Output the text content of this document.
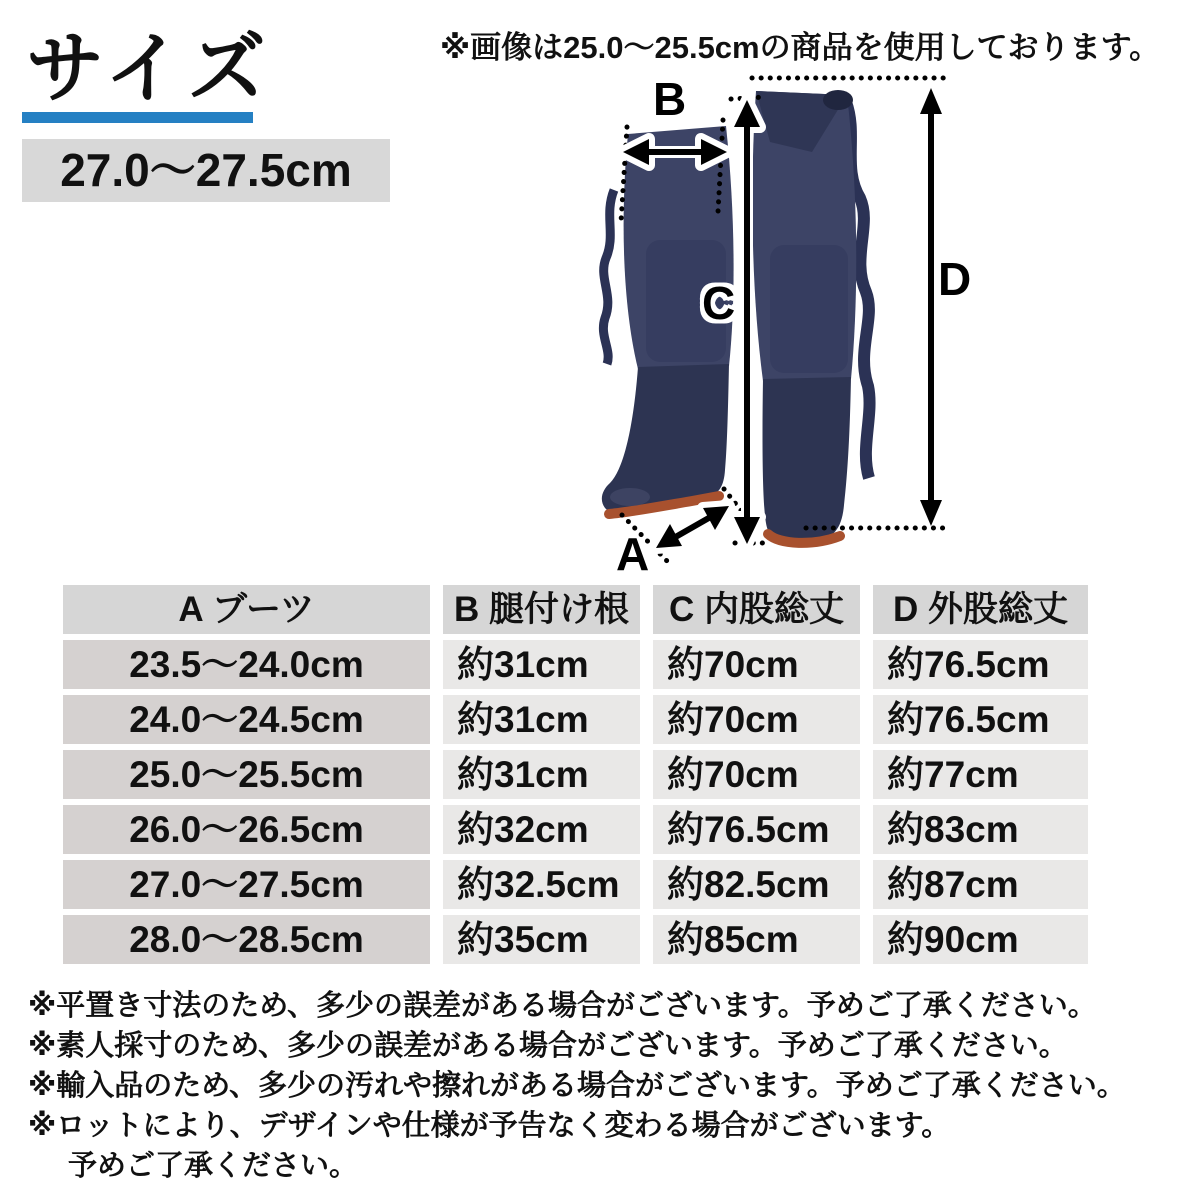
サイズ
27.0〜27.5cm
※画像は25.0〜25.5cmの商品を使用しております。
B
C	D
A
A ブーツ	B 腿付け根	C 内股総丈	D 外股総丈
23.5〜24.0cm	約31cm	約70cm	約76.5cm
24.0〜24.5cm	約31cm	約70cm	約76.5cm
25.0〜25.5cm	約31cm	約70cm	約77cm
26.0〜26.5cm	約32cm	約76.5cm	約83cm
27.0〜27.5cm	約32.5cm	約82.5cm	約87cm
28.0〜28.5cm	約35cm	約85cm	約90cm
※平置き寸法のため、多少の誤差がある場合がございます。予めご了承ください。
※素人採寸のため、多少の誤差がある場合がございます。予めご了承ください。
※輸入品のため、多少の汚れや擦れがある場合がございます。予めご了承ください。
※ロットにより、デザインや仕様が予告なく変わる場合がございます。
予めご了承ください。
